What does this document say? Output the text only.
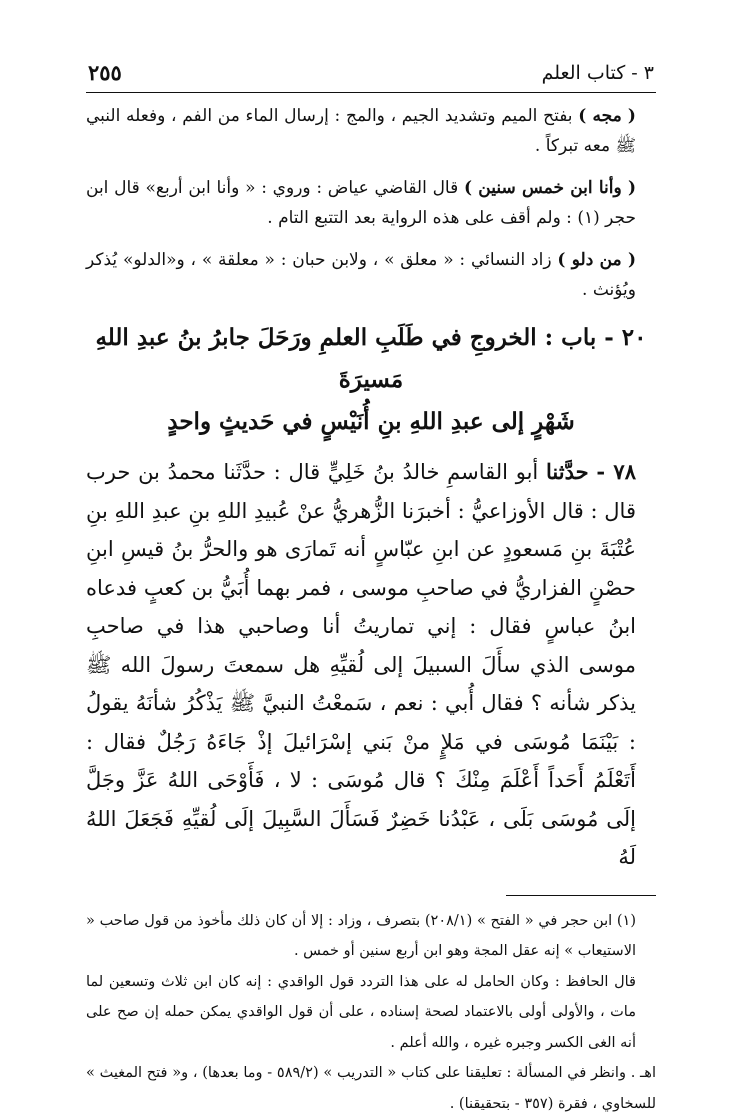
٣ - كتاب العلم
٢٥٥

( مجه ) بفتح الميم وتشديد الجيم ، والمج : إرسال الماء من الفم ، وفعله النبي ﷺ معه تبركاً .

( وأنا ابن خمس سنين ) قال القاضي عياض : وروي : « وأنا ابن أربع» قال ابن حجر (١) : ولم أقف على هذه الرواية بعد التتبع التام .

( من دلو ) زاد النسائي : « معلق » ، ولابن حبان : « معلقة » ، و«الدلو» يُذكر ويُؤنث .

٢٠ - باب : الخروجِ في طَلَبِ العلمِ ورَحَلَ جابرُ بنُ عبدِ اللهِ مَسيرَةَ
شَهْرٍ إلى عبدِ اللهِ بنِ أُنَيْسٍ في حَديثٍ واحدٍ

٧٨ - حدَّثنا أبو القاسمِ خالدُ بنُ خَلِيٍّ قال : حدَّثَنا محمدُ بن حرب قال : قال الأوزاعيُّ : أخبرَنا الزُّهريُّ عنْ عُبيدِ اللهِ بنِ عبدِ اللهِ بنِ عُتْبَةَ بنِ مَسعودٍ عن ابنِ عبّاسٍ أنه تَمارَى هو والحرُّ بنُ قيسِ ابنِ حصْنٍ الفزاريُّ في صاحبِ موسى ، فمر بهما أُبَيُّ بن كعبٍ فدعاه ابنُ عباسٍ فقال : إني تماريتُ أنا وصاحبي هذا في صاحبِ موسى الذي سأَلَ السبيلَ إلى لُقيِّهِ هل سمعتَ رسولَ الله ﷺ يذكر شأنه ؟ فقال أُبي : نعم ، سَمعْتُ النبيَّ ﷺ يَذْكُرُ شأنَهُ يقولُ : بَيْنَمَا مُوسَى في مَلإٍ منْ بَني إسْرَائيلَ إذْ جَاءَهُ رَجُلٌ فقال : أَتَعْلَمُ أَحَداً أَعْلَمَ مِنْكَ ؟ قال مُوسَى : لا ، فَأَوْحَى اللهُ عَزَّ وجَلَّ إلَى مُوسَى بَلَى ، عَبْدُنا خَضِرٌ فَسَأَلَ السَّبِيلَ إلَى لُقيِّهِ فَجَعَلَ اللهُ لَهُ

(١) ابن حجر في « الفتح » (٢٠٨/١) بتصرف ، وزاد : إلا أن كان ذلك مأخوذ من قول صاحب « الاستيعاب » إنه عقل المجة وهو ابن أربع سنين أو خمس .

قال الحافظ : وكان الحامل له على هذا التردد قول الواقدي : إنه كان ابن ثلاث وتسعين لما مات ، والأولى أولى بالاعتماد لصحة إسناده ، على أن قول الواقدي يمكن حمله إن صح على أنه الغى الكسر وجبره غيره ، والله أعلم .

اهـ . وانظر في المسألة : تعليقنا على كتاب « التدريب » (٥٨٩/٢ - وما بعدها) ، و« فتح المغيث » للسخاوي ، فقرة (٣٥٧ - بتحقيقنا) .
